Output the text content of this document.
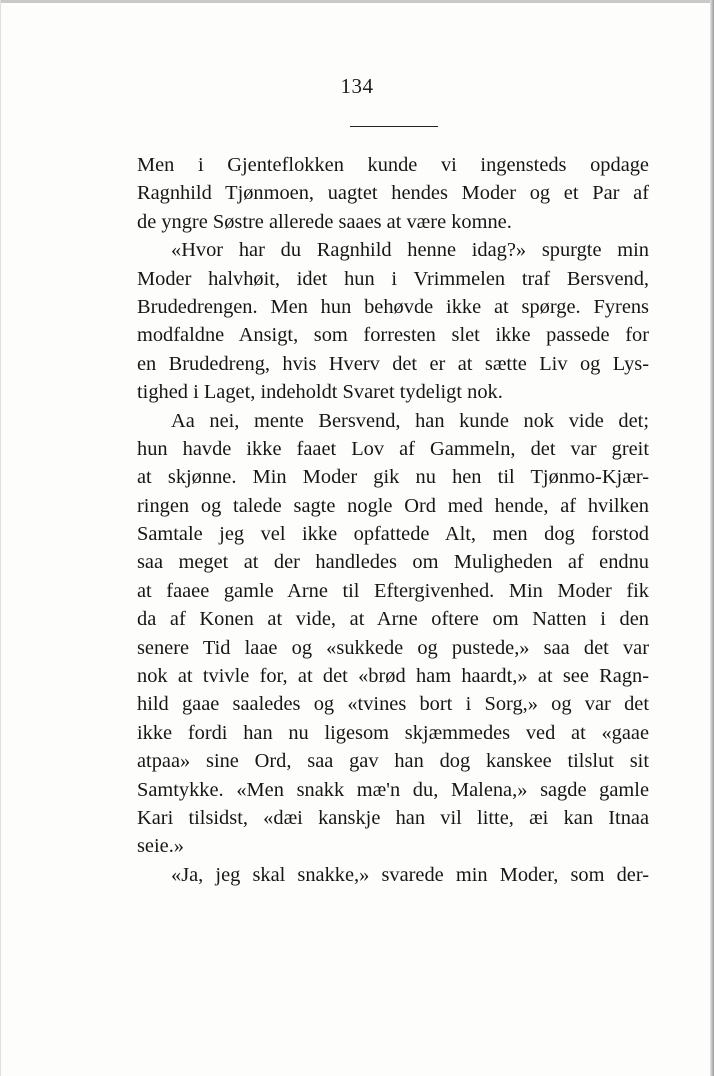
134
Men i Gjenteflokken kunde vi ingensteds opdage
Ragnhild Tjønmoen, uagtet hendes Moder og et Par af
de yngre Søstre allerede saaes at være komne.
«Hvor har du Ragnhild henne idag?» spurgte min
Moder halvhøit, idet hun i Vrimmelen traf Bersvend,
Brudedrengen. Men hun behøvde ikke at spørge. Fyrens
modfaldne Ansigt, som forresten slet ikke passede for
en Brudedreng, hvis Hverv det er at sætte Liv og Lys-
tighed i Laget, indeholdt Svaret tydeligt nok.
Aa nei, mente Bersvend, han kunde nok vide det;
hun havde ikke faaet Lov af Gammeln, det var greit
at skjønne. Min Moder gik nu hen til Tjønmo-Kjær-
ringen og talede sagte nogle Ord med hende, af hvilken
Samtale jeg vel ikke opfattede Alt, men dog forstod
saa meget at der handledes om Muligheden af endnu
at faaee gamle Arne til Eftergivenhed. Min Moder fik
da af Konen at vide, at Arne oftere om Natten i den
senere Tid laae og «sukkede og pustede,» saa det var
nok at tvivle for, at det «brød ham haardt,» at see Ragn-
hild gaae saaledes og «tvines bort i Sorg,» og var det
ikke fordi han nu ligesom skjæmmedes ved at «gaae
atpaa» sine Ord, saa gav han dog kanskee tilslut sit
Samtykke. «Men snakk mæ'n du, Malena,» sagde gamle
Kari tilsidst, «dæi kanskje han vil litte, æi kan Itnaa
seie.»
«Ja, jeg skal snakke,» svarede min Moder, som der-
